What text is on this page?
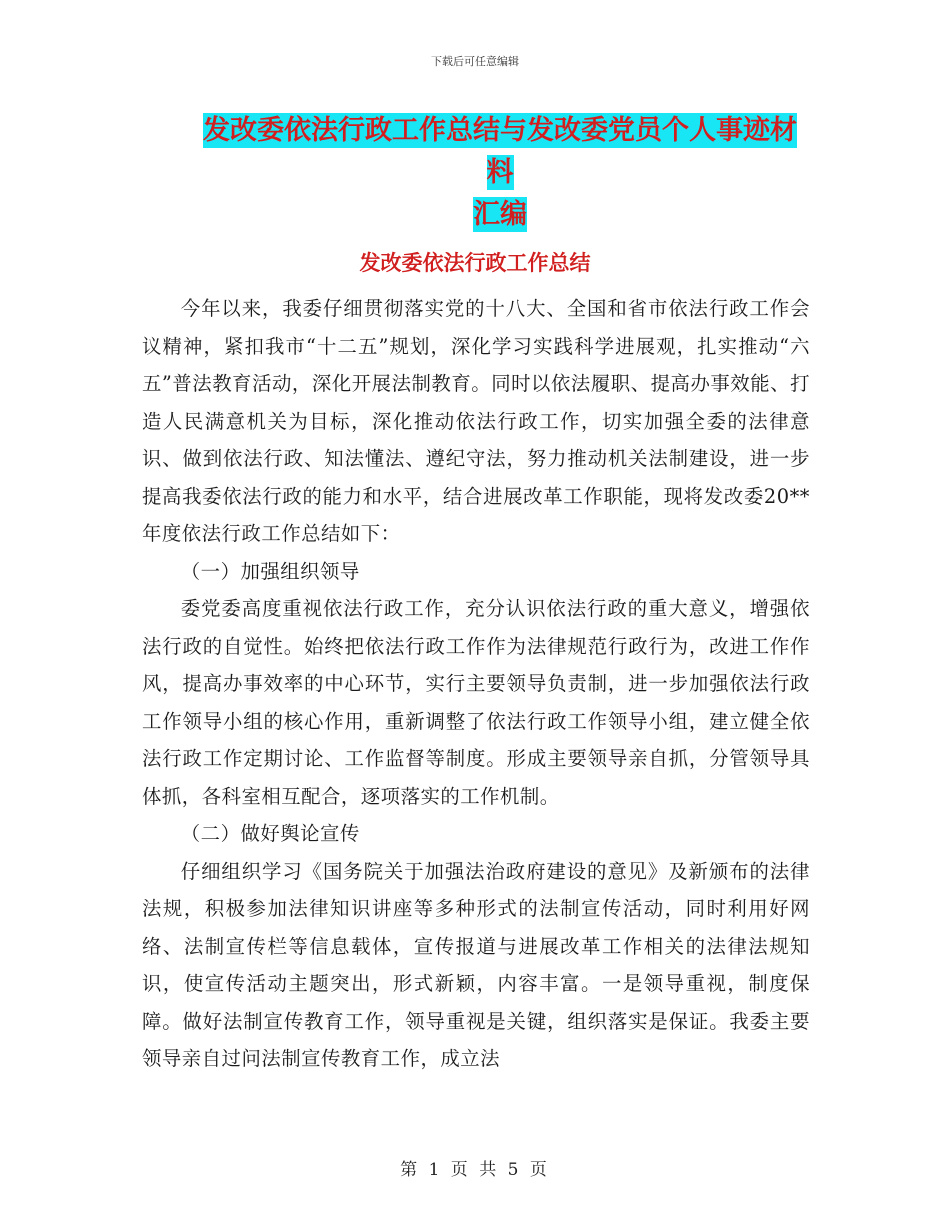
下载后可任意编辑
发改委依法行政工作总结与发改委党员个人事迹材料
汇编
发改委依法行政工作总结

今年以来，我委仔细贯彻落实党的十八大、全国和省市依法行政工作会议精神，紧扣我市“十二五”规划，深化学习实践科学进展观，扎实推动“六五”普法教育活动，深化开展法制教育。同时以依法履职、提高办事效能、打造人民满意机关为目标，深化推动依法行政工作，切实加强全委的法律意识、做到依法行政、知法懂法、遵纪守法，努力推动机关法制建设，进一步提高我委依法行政的能力和水平，结合进展改革工作职能，现将发改委20**年度依法行政工作总结如下：

（一）加强组织领导

委党委高度重视依法行政工作，充分认识依法行政的重大意义，增强依法行政的自觉性。始终把依法行政工作作为法律规范行政行为，改进工作作风，提高办事效率的中心环节，实行主要领导负责制，进一步加强依法行政工作领导小组的核心作用，重新调整了依法行政工作领导小组，建立健全依法行政工作定期讨论、工作监督等制度。形成主要领导亲自抓，分管领导具体抓，各科室相互配合，逐项落实的工作机制。

（二）做好舆论宣传

仔细组织学习《国务院关于加强法治政府建设的意见》及新颁布的法律法规，积极参加法律知识讲座等多种形式的法制宣传活动，同时利用好网络、法制宣传栏等信息载体，宣传报道与进展改革工作相关的法律法规知识，使宣传活动主题突出，形式新颖，内容丰富。一是领导重视，制度保障。做好法制宣传教育工作，领导重视是关键，组织落实是保证。我委主要领导亲自过问法制宣传教育工作，成立法

第 1 页 共 5 页
